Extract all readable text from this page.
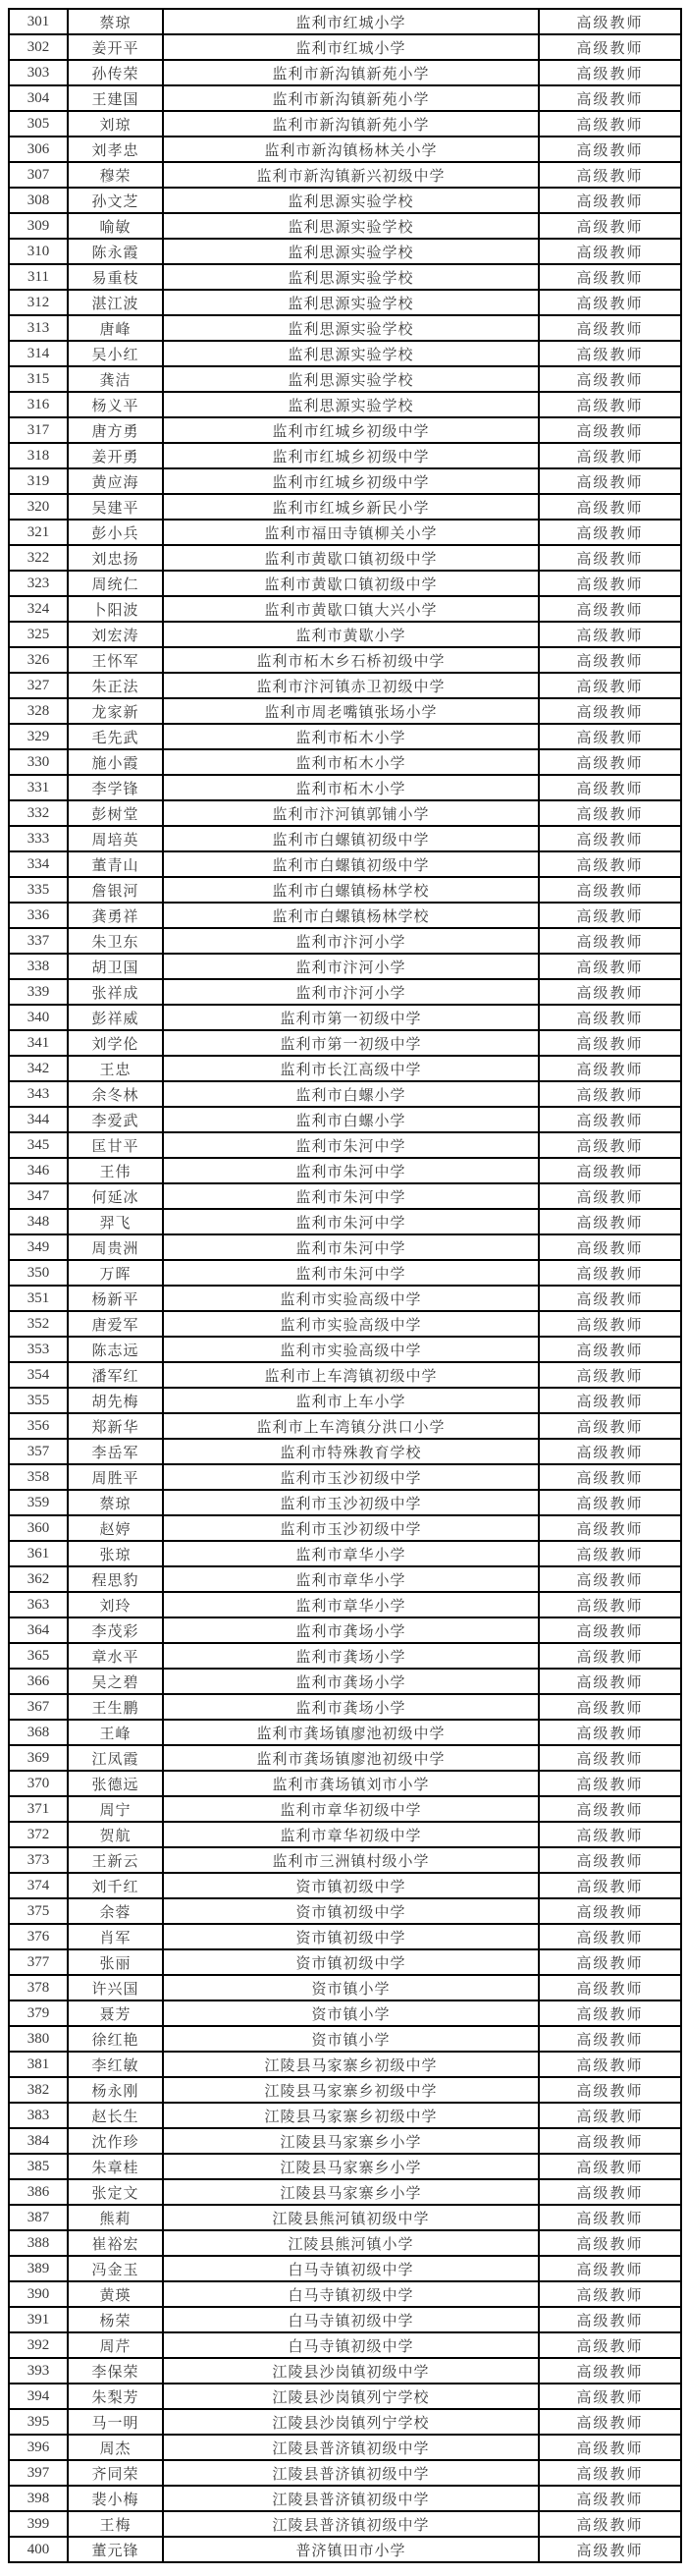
301	蔡琼	监利市红城小学	高级教师
302	姜开平	监利市红城小学	高级教师
303	孙传荣	监利市新沟镇新苑小学	高级教师
304	王建国	监利市新沟镇新苑小学	高级教师
305	刘琼	监利市新沟镇新苑小学	高级教师
306	刘孝忠	监利市新沟镇杨林关小学	高级教师
307	穆荣	监利市新沟镇新兴初级中学	高级教师
308	孙文芝	监利思源实验学校	高级教师
309	喻敏	监利思源实验学校	高级教师
310	陈永霞	监利思源实验学校	高级教师
311	易重枝	监利思源实验学校	高级教师
312	湛江波	监利思源实验学校	高级教师
313	唐峰	监利思源实验学校	高级教师
314	吴小红	监利思源实验学校	高级教师
315	龚洁	监利思源实验学校	高级教师
316	杨义平	监利思源实验学校	高级教师
317	唐方勇	监利市红城乡初级中学	高级教师
318	姜开勇	监利市红城乡初级中学	高级教师
319	黄应海	监利市红城乡初级中学	高级教师
320	吴建平	监利市红城乡新民小学	高级教师
321	彭小兵	监利市福田寺镇柳关小学	高级教师
322	刘忠扬	监利市黄歇口镇初级中学	高级教师
323	周统仁	监利市黄歇口镇初级中学	高级教师
324	卜阳波	监利市黄歇口镇大兴小学	高级教师
325	刘宏涛	监利市黄歇小学	高级教师
326	王怀军	监利市柘木乡石桥初级中学	高级教师
327	朱正法	监利市汴河镇赤卫初级中学	高级教师
328	龙家新	监利市周老嘴镇张场小学	高级教师
329	毛先武	监利市柘木小学	高级教师
330	施小霞	监利市柘木小学	高级教师
331	李学锋	监利市柘木小学	高级教师
332	彭树堂	监利市汴河镇郭铺小学	高级教师
333	周培英	监利市白螺镇初级中学	高级教师
334	董青山	监利市白螺镇初级中学	高级教师
335	詹银河	监利市白螺镇杨林学校	高级教师
336	龚勇祥	监利市白螺镇杨林学校	高级教师
337	朱卫东	监利市汴河小学	高级教师
338	胡卫国	监利市汴河小学	高级教师
339	张祥成	监利市汴河小学	高级教师
340	彭祥威	监利市第一初级中学	高级教师
341	刘学伦	监利市第一初级中学	高级教师
342	王忠	监利市长江高级中学	高级教师
343	余冬林	监利市白螺小学	高级教师
344	李爱武	监利市白螺小学	高级教师
345	匡甘平	监利市朱河中学	高级教师
346	王伟	监利市朱河中学	高级教师
347	何延冰	监利市朱河中学	高级教师
348	羿飞	监利市朱河中学	高级教师
349	周贵洲	监利市朱河中学	高级教师
350	万晖	监利市朱河中学	高级教师
351	杨新平	监利市实验高级中学	高级教师
352	唐爱军	监利市实验高级中学	高级教师
353	陈志远	监利市实验高级中学	高级教师
354	潘军红	监利市上车湾镇初级中学	高级教师
355	胡先梅	监利市上车小学	高级教师
356	郑新华	监利市上车湾镇分洪口小学	高级教师
357	李岳军	监利市特殊教育学校	高级教师
358	周胜平	监利市玉沙初级中学	高级教师
359	蔡琼	监利市玉沙初级中学	高级教师
360	赵婷	监利市玉沙初级中学	高级教师
361	张琼	监利市章华小学	高级教师
362	程思豹	监利市章华小学	高级教师
363	刘玲	监利市章华小学	高级教师
364	李茂彩	监利市龚场小学	高级教师
365	章水平	监利市龚场小学	高级教师
366	吴之碧	监利市龚场小学	高级教师
367	王生鹏	监利市龚场小学	高级教师
368	王峰	监利市龚场镇廖池初级中学	高级教师
369	江凤霞	监利市龚场镇廖池初级中学	高级教师
370	张德远	监利市龚场镇刘市小学	高级教师
371	周宁	监利市章华初级中学	高级教师
372	贺航	监利市章华初级中学	高级教师
373	王新云	监利市三洲镇村级小学	高级教师
374	刘千红	资市镇初级中学	高级教师
375	余蓉	资市镇初级中学	高级教师
376	肖军	资市镇初级中学	高级教师
377	张丽	资市镇初级中学	高级教师
378	许兴国	资市镇小学	高级教师
379	聂芳	资市镇小学	高级教师
380	徐红艳	资市镇小学	高级教师
381	李红敏	江陵县马家寨乡初级中学	高级教师
382	杨永刚	江陵县马家寨乡初级中学	高级教师
383	赵长生	江陵县马家寨乡初级中学	高级教师
384	沈作珍	江陵县马家寨乡小学	高级教师
385	朱章桂	江陵县马家寨乡小学	高级教师
386	张定文	江陵县马家寨乡小学	高级教师
387	熊莉	江陵县熊河镇初级中学	高级教师
388	崔裕宏	江陵县熊河镇小学	高级教师
389	冯金玉	白马寺镇初级中学	高级教师
390	黄瑛	白马寺镇初级中学	高级教师
391	杨荣	白马寺镇初级中学	高级教师
392	周芹	白马寺镇初级中学	高级教师
393	李保荣	江陵县沙岗镇初级中学	高级教师
394	朱梨芳	江陵县沙岗镇列宁学校	高级教师
395	马一明	江陵县沙岗镇列宁学校	高级教师
396	周杰	江陵县普济镇初级中学	高级教师
397	齐同荣	江陵县普济镇初级中学	高级教师
398	裴小梅	江陵县普济镇初级中学	高级教师
399	王梅	江陵县普济镇初级中学	高级教师
400	董元锋	普济镇田市小学	高级教师
